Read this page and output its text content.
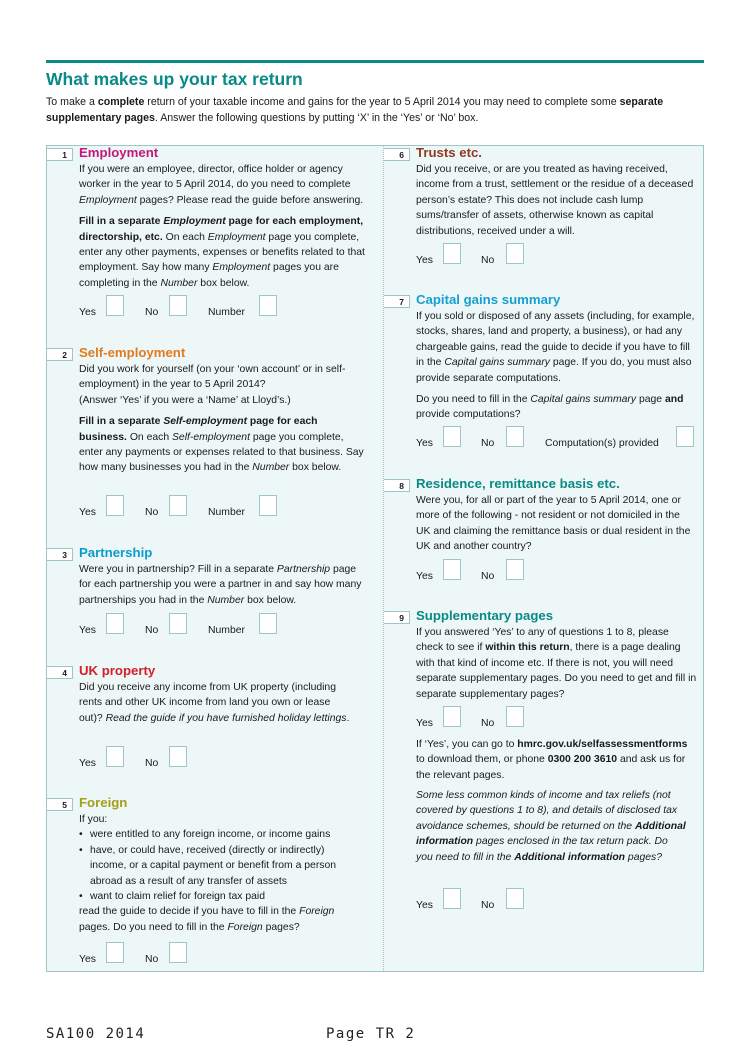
What makes up your tax return
To make a complete return of your taxable income and gains for the year to 5 April 2014 you may need to complete some separate supplementary pages. Answer the following questions by putting ‘X’ in the ‘Yes’ or ‘No’ box.
1 Employment

If you were an employee, director, office holder or agency worker in the year to 5 April 2014, do you need to complete Employment pages? Please read the guide before answering.

Fill in a separate Employment page for each employment, directorship, etc. On each Employment page you complete, enter any other payments, expenses or benefits related to that employment. Say how many Employment pages you are completing in the Number box below.

Yes	No	Number
2 Self-employment

Did you work for yourself (on your ‘own account’ or in self-employment) in the year to 5 April 2014?
(Answer ‘Yes’ if you were a ‘Name’ at Lloyd’s.)

Fill in a separate Self-employment page for each business. On each Self-employment page you complete, enter any payments or expenses related to that business. Say how many businesses you had in the Number box below.

Yes	No	Number
3 Partnership

Were you in partnership? Fill in a separate Partnership page for each partnership you were a partner in and say how many partnerships you had in the Number box below.

Yes	No	Number
4 UK property

Did you receive any income from UK property (including rents and other UK income from land you own or lease out)? Read the guide if you have furnished holiday lettings.

Yes	No
5 Foreign

If you:

• were entitled to any foreign income, or income gains
• have, or could have, received (directly or indirectly) income, or a capital payment or benefit from a person abroad as a result of any transfer of assets
• want to claim relief for foreign tax paid

read the guide to decide if you have to fill in the Foreign pages. Do you need to fill in the Foreign pages?

Yes	No
6 Trusts etc.

Did you receive, or are you treated as having received, income from a trust, settlement or the residue of a deceased person’s estate? This does not include cash lump sums/transfer of assets, otherwise known as capital distributions, received under a will.

Yes	No
7 Capital gains summary

If you sold or disposed of any assets (including, for example, stocks, shares, land and property, a business), or had any chargeable gains, read the guide to decide if you have to fill in the Capital gains summary page. If you do, you must also provide separate computations.

Do you need to fill in the Capital gains summary page and provide computations?

Yes	No	Computation(s) provided
8 Residence, remittance basis etc.

Were you, for all or part of the year to 5 April 2014, one or more of the following - not resident or not domiciled in the UK and claiming the remittance basis or dual resident in the UK and another country?

Yes	No
9 Supplementary pages

If you answered ‘Yes’ to any of questions 1 to 8, please check to see if within this return, there is a page dealing with that kind of income etc. If there is not, you will need separate supplementary pages. Do you need to get and fill in separate supplementary pages?

Yes	No

If ‘Yes’, you can go to hmrc.gov.uk/selfassessmentforms to download them, or phone 0300 200 3610 and ask us for the relevant pages.

Some less common kinds of income and tax reliefs (not covered by questions 1 to 8), and details of disclosed tax avoidance schemes, should be returned on the Additional information pages enclosed in the tax return pack. Do you need to fill in the Additional information pages?

Yes	No
SA100 2014	Page TR 2
